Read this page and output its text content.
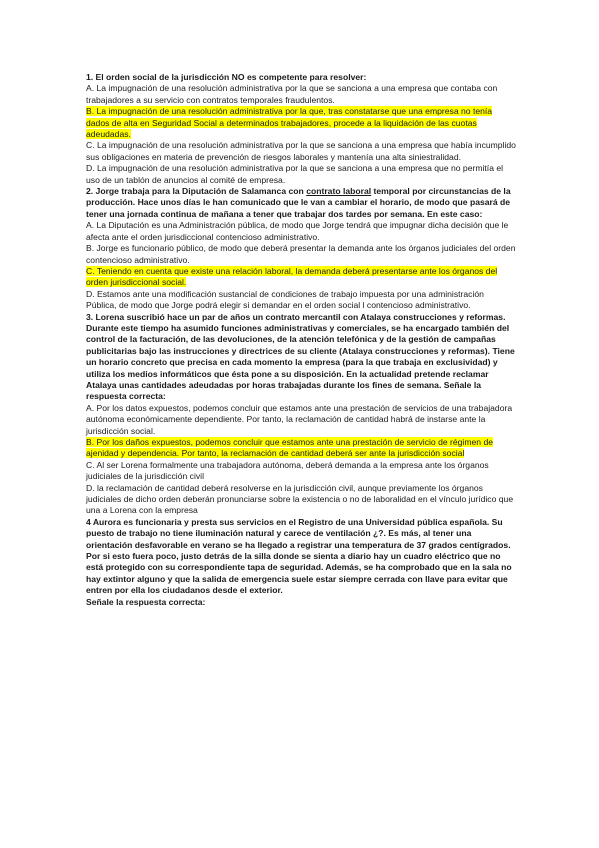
1. El orden social de la jurisdicción NO es competente para resolver:

A. La impugnación de una resolución administrativa por la que se sanciona a una empresa que contaba con trabajadores a su servicio con contratos temporales fraudulentos.

B. La impugnación de una resolución administrativa por la que, tras constatarse que una empresa no tenía dados de alta en Seguridad Social a determinados trabajadores, procede a la liquidación de las cuotas adeudadas.

C. La impugnación de una resolución administrativa por la que se sanciona a una empresa que había incumplido sus obligaciones en materia de prevención de riesgos laborales y mantenía una alta siniestralidad.

D. La impugnación de una resolución administrativa por la que se sanciona a una empresa que no permitía el uso de un tablón de anuncios al comité de empresa.

2. Jorge trabaja para la Diputación de Salamanca con contrato laboral temporal por circunstancias de la producción. Hace unos días le han comunicado que le van a cambiar el horario, de modo que pasará de tener una jornada continua de mañana a tener que trabajar dos tardes por semana. En este caso:

A. La Diputación es una Administración pública, de modo que Jorge tendrá que impugnar dicha decisión que le afecta ante el orden jurisdiccional contencioso administrativo.

B. Jorge es funcionario público, de modo que deberá presentar la demanda ante los órganos judiciales del orden contencioso administrativo.

C. Teniendo en cuenta que existe una relación laboral, la demanda deberá presentarse ante los órganos del orden jurisdiccional social.

D. Estamos ante una modificación sustancial de condiciones de trabajo impuesta por una administración Pública, de modo que Jorge podrá elegir si demandar en el orden social l contencioso administrativo.

3. Lorena suscribió hace un par de años un contrato mercantil con Atalaya construcciones y reformas. Durante este tiempo ha asumido funciones administrativas y comerciales, se ha encargado también del control de la facturación, de las devoluciones, de la atención telefónica y de la gestión de campañas publicitarias bajo las instrucciones y directrices de su cliente (Atalaya construcciones y reformas). Tiene un horario concreto que precisa en cada momento la empresa (para la que trabaja en exclusividad) y utiliza los medios informáticos que ésta pone a su disposición. En la actualidad pretende reclamar Atalaya unas cantidades adeudadas por horas trabajadas durante los fines de semana. Señale la respuesta correcta:

A. Por los datos expuestos, podemos concluir que estamos ante una prestación de servicios de una trabajadora autónoma económicamente dependiente. Por tanto, la reclamación de cantidad habrá de instarse ante la jurisdicción social.

B. Por los daños expuestos, podemos concluir que estamos ante una prestación de servicio de régimen de ajenidad y dependencia. Por tanto, la reclamación de cantidad deberá ser ante la jurisdicción social

C. Al ser Lorena formalmente una trabajadora autónoma, deberá demanda a la empresa ante los órganos judiciales de la jurisdicción civil

D. la reclamación de cantidad deberá resolverse en la jurisdicción civil, aunque previamente los órganos judiciales de dicho orden deberán pronunciarse sobre la existencia o no de laboralidad en el vínculo jurídico que una a Lorena con la empresa

4 Aurora es funcionaria y presta sus servicios en el Registro de una Universidad pública española. Su puesto de trabajo no tiene iluminación natural y carece de ventilación ¿?. Es más, al tener una orientación desfavorable en verano se ha llegado a registrar una temperatura de 37 grados centígrados. Por si esto fuera poco, justo detrás de la silla donde se sienta a diario hay un cuadro eléctrico que no está protegido con su correspondiente tapa de seguridad. Además, se ha comprobado que en la sala no hay extintor alguno y que la salida de emergencia suele estar siempre cerrada con llave para evitar que entren por ella los ciudadanos desde el exterior.

Señale la respuesta correcta:
